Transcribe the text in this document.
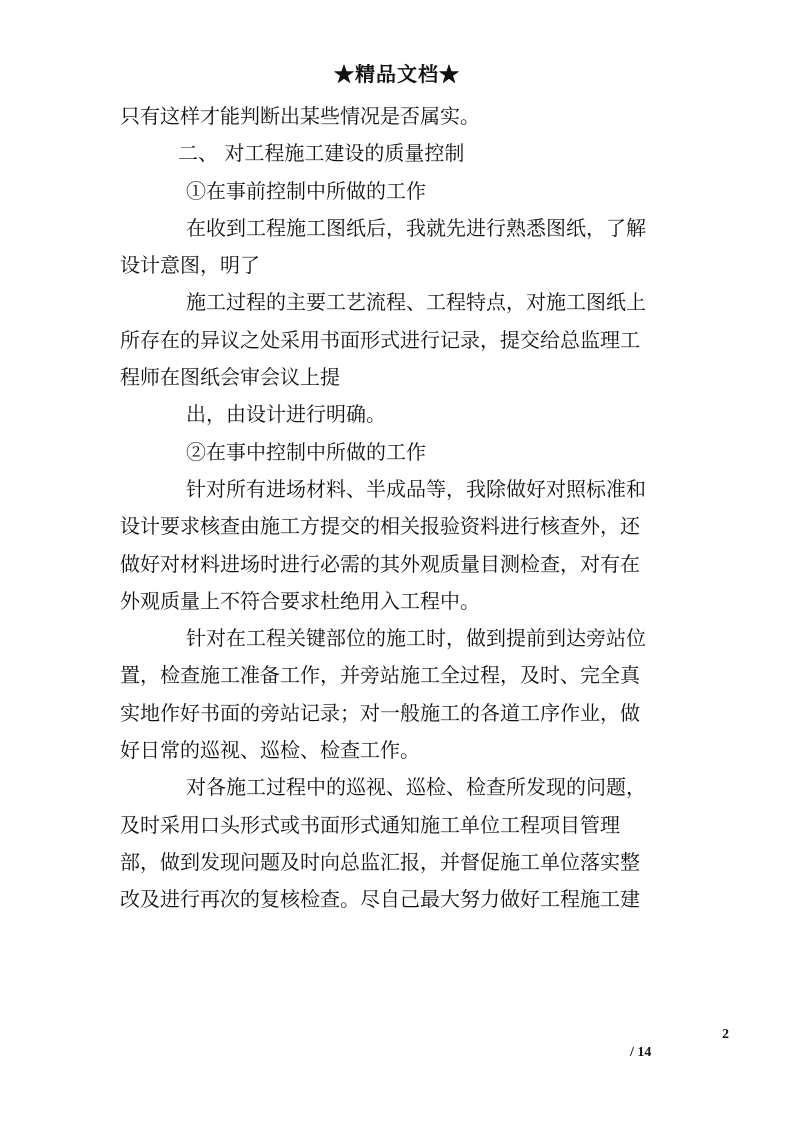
★精品文档★
只有这样才能判断出某些情况是否属实。
二、 对工程施工建设的质量控制
①在事前控制中所做的工作
在收到工程施工图纸后，我就先进行熟悉图纸，了解
设计意图，明了
施工过程的主要工艺流程、工程特点，对施工图纸上
所存在的异议之处采用书面形式进行记录，提交给总监理工
程师在图纸会审会议上提
出，由设计进行明确。
②在事中控制中所做的工作
针对所有进场材料、半成品等，我除做好对照标准和
设计要求核查由施工方提交的相关报验资料进行核查外，还
做好对材料进场时进行必需的其外观质量目测检查，对有在
外观质量上不符合要求杜绝用入工程中。
针对在工程关键部位的施工时，做到提前到达旁站位
置，检查施工准备工作，并旁站施工全过程，及时、完全真
实地作好书面的旁站记录；对一般施工的各道工序作业，做
好日常的巡视、巡检、检查工作。
对各施工过程中的巡视、巡检、检查所发现的问题，
及时采用口头形式或书面形式通知施工单位工程项目管理
部，做到发现问题及时向总监汇报，并督促施工单位落实整
改及进行再次的复核检查。尽自己最大努力做好工程施工建
2
/ 14
